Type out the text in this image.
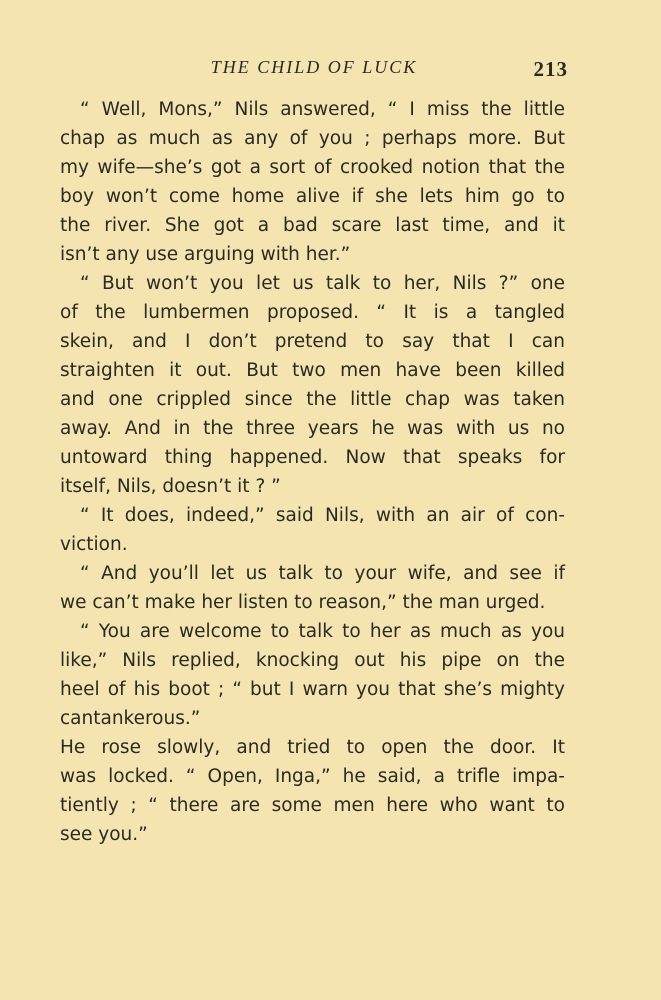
THE CHILD OF LUCK	213
“ Well, Mons,” Nils answered, “ I miss the little
chap as much as any of you ; perhaps more. But
my wife—she’s got a sort of crooked notion that the
boy won’t come home alive if she lets him go to
the river. She got a bad scare last time, and it
isn’t any use arguing with her.”
“ But won’t you let us talk to her, Nils ?” one
of the lumbermen proposed. “ It is a tangled
skein, and I don’t pretend to say that I can
straighten it out. But two men have been killed
and one crippled since the little chap was taken
away. And in the three years he was with us no
untoward thing happened. Now that speaks for
itself, Nils, doesn’t it ? ”
“ It does, indeed,” said Nils, with an air of con-
viction.
“ And you’ll let us talk to your wife, and see if
we can’t make her listen to reason,” the man urged.
“ You are welcome to talk to her as much as you
like,” Nils replied, knocking out his pipe on the
heel of his boot ; “ but I warn you that she’s mighty
cantankerous.”
He rose slowly, and tried to open the door. It
was locked. “ Open, Inga,” he said, a trifle impa-
tiently ; “ there are some men here who want to
see you.”
